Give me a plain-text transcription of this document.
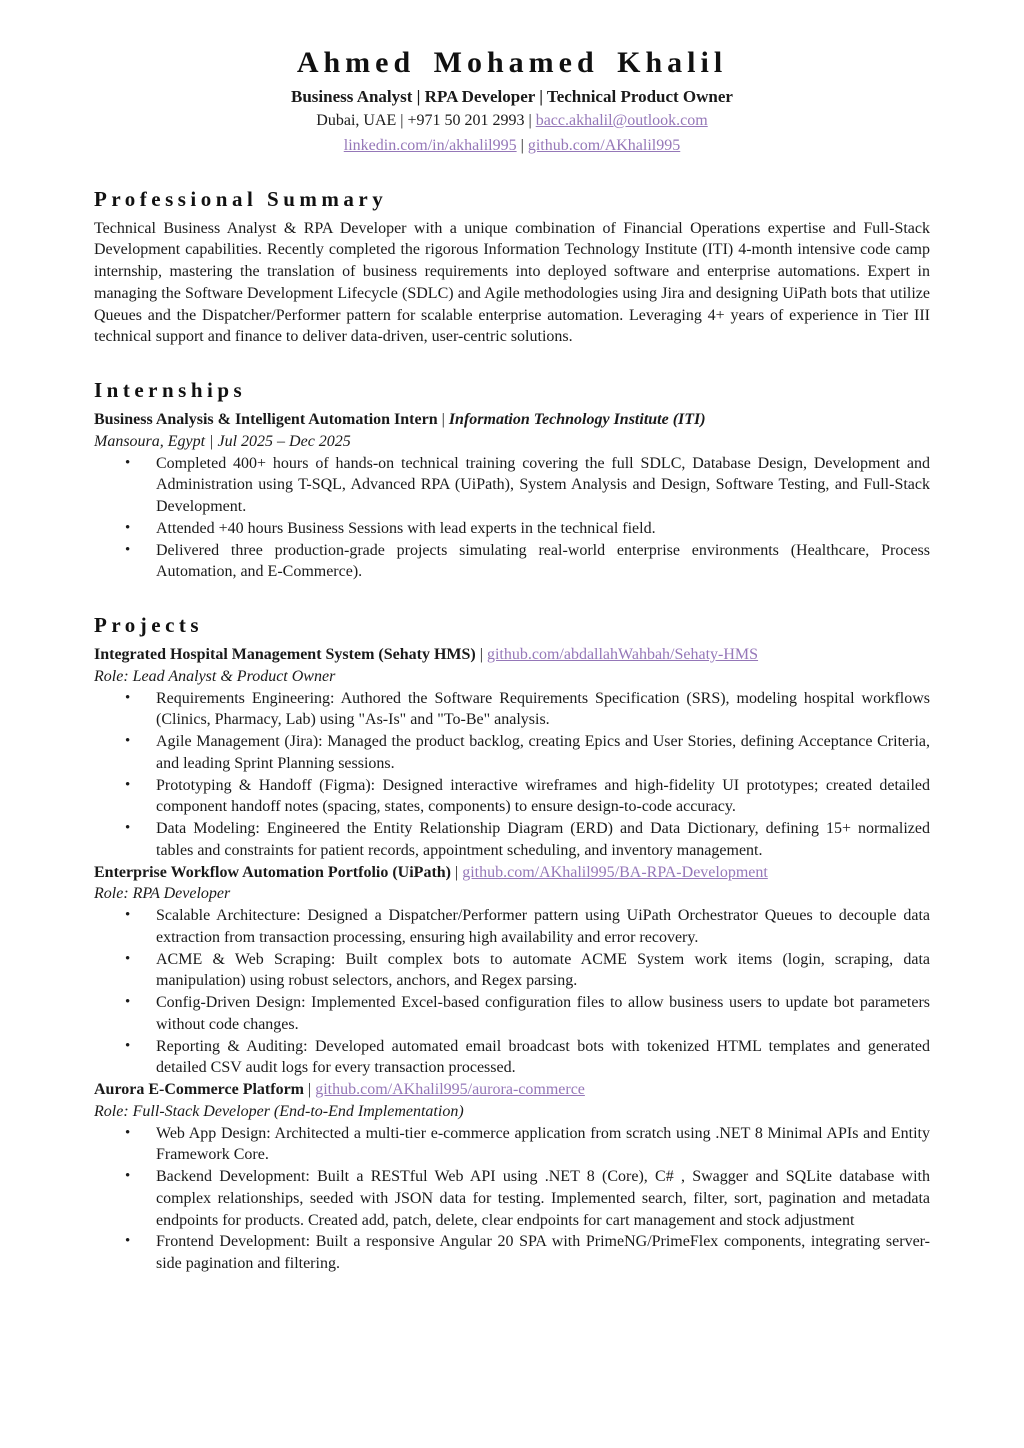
Ahmed Mohamed Khalil
Business Analyst | RPA Developer | Technical Product Owner
Dubai, UAE | +971 50 201 2993 | bacc.akhalil@outlook.com
linkedin.com/in/akhalil995 | github.com/AKhalil995
Professional Summary
Technical Business Analyst & RPA Developer with a unique combination of Financial Operations expertise and Full-Stack Development capabilities. Recently completed the rigorous Information Technology Institute (ITI) 4-month intensive code camp internship, mastering the translation of business requirements into deployed software and enterprise automations. Expert in managing the Software Development Lifecycle (SDLC) and Agile methodologies using Jira and designing UiPath bots that utilize Queues and the Dispatcher/Performer pattern for scalable enterprise automation. Leveraging 4+ years of experience in Tier III technical support and finance to deliver data-driven, user-centric solutions.
Internships
Business Analysis & Intelligent Automation Intern | Information Technology Institute (ITI)
Mansoura, Egypt | Jul 2025 – Dec 2025
• Completed 400+ hours of hands-on technical training covering the full SDLC, Database Design, Development and Administration using T-SQL, Advanced RPA (UiPath), System Analysis and Design, Software Testing, and Full-Stack Development.
• Attended +40 hours Business Sessions with lead experts in the technical field.
• Delivered three production-grade projects simulating real-world enterprise environments (Healthcare, Process Automation, and E-Commerce).
Projects
Integrated Hospital Management System (Sehaty HMS) | github.com/abdallahWahbah/Sehaty-HMS
Role: Lead Analyst & Product Owner
• Requirements Engineering: Authored the Software Requirements Specification (SRS), modeling hospital workflows (Clinics, Pharmacy, Lab) using "As-Is" and "To-Be" analysis.
• Agile Management (Jira): Managed the product backlog, creating Epics and User Stories, defining Acceptance Criteria, and leading Sprint Planning sessions.
• Prototyping & Handoff (Figma): Designed interactive wireframes and high-fidelity UI prototypes; created detailed component handoff notes (spacing, states, components) to ensure design-to-code accuracy.
• Data Modeling: Engineered the Entity Relationship Diagram (ERD) and Data Dictionary, defining 15+ normalized tables and constraints for patient records, appointment scheduling, and inventory management.
Enterprise Workflow Automation Portfolio (UiPath) | github.com/AKhalil995/BA-RPA-Development
Role: RPA Developer
• Scalable Architecture: Designed a Dispatcher/Performer pattern using UiPath Orchestrator Queues to decouple data extraction from transaction processing, ensuring high availability and error recovery.
• ACME & Web Scraping: Built complex bots to automate ACME System work items (login, scraping, data manipulation) using robust selectors, anchors, and Regex parsing.
• Config-Driven Design: Implemented Excel-based configuration files to allow business users to update bot parameters without code changes.
• Reporting & Auditing: Developed automated email broadcast bots with tokenized HTML templates and generated detailed CSV audit logs for every transaction processed.
Aurora E-Commerce Platform | github.com/AKhalil995/aurora-commerce
Role: Full-Stack Developer (End-to-End Implementation)
• Web App Design: Architected a multi-tier e-commerce application from scratch using .NET 8 Minimal APIs and Entity Framework Core.
• Backend Development: Built a RESTful Web API using .NET 8 (Core), C# , Swagger and SQLite database with complex relationships, seeded with JSON data for testing. Implemented search, filter, sort, pagination and metadata endpoints for products. Created add, patch, delete, clear endpoints for cart management and stock adjustment
• Frontend Development: Built a responsive Angular 20 SPA with PrimeNG/PrimeFlex components, integrating server-side pagination and filtering.
